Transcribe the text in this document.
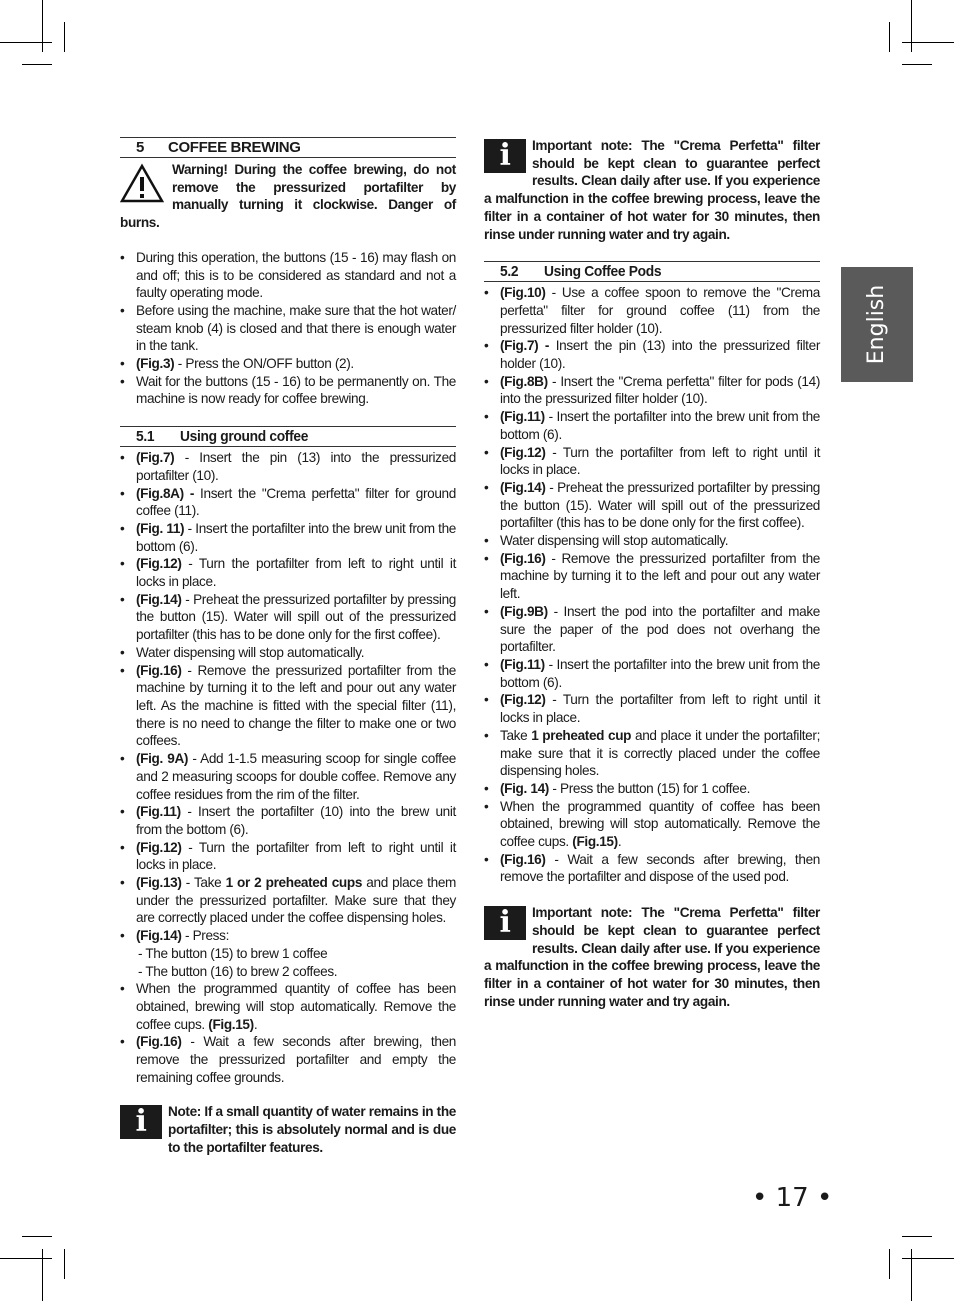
English
5 COFFEE BREWING
Warning! During the coffee brewing, do not remove the pressurized portafilter by manually turning it clockwise. Danger of burns.
• During this operation, the buttons (15 - 16) may flash on and off; this is to be considered as standard and not a faulty operating mode.
• Before using the machine, make sure that the hot water/ steam knob (4) is closed and that there is enough water in the tank.
• (Fig.3) - Press the ON/OFF button (2).
• Wait for the buttons (15 - 16) to be permanently on. The machine is now ready for coffee brewing.
5.1 Using ground coffee
• (Fig.7) - Insert the pin (13) into the pressurized portafilter (10).
• (Fig.8A) - Insert the "Crema perfetta" filter for ground coffee (11).
• (Fig. 11) - Insert the portafilter into the brew unit from the bottom (6).
• (Fig.12) - Turn the portafilter from left to right until it locks in place.
• (Fig.14) - Preheat the pressurized portafilter by pressing the button (15). Water will spill out of the pressurized portafilter (this has to be done only for the first coffee).
• Water dispensing will stop automatically.
• (Fig.16) - Remove the pressurized portafilter from the machine by turning it to the left and pour out any water left. As the machine is fitted with the special filter (11), there is no need to change the filter to make one or two coffees.
• (Fig. 9A) - Add 1-1.5 measuring scoop for single coffee and 2 measuring scoops for double coffee. Remove any coffee residues from the rim of the filter.
• (Fig.11) - Insert the portafilter (10) into the brew unit from the bottom (6).
• (Fig.12) - Turn the portafilter from left to right until it locks in place.
• (Fig.13) - Take 1 or 2 preheated cups and place them under the pressurized portafilter. Make sure that they are correctly placed under the coffee dispensing holes.
• (Fig.14) - Press:
- The button (15) to brew 1 coffee
- The button (16) to brew 2 coffees.
• When the programmed quantity of coffee has been obtained, brewing will stop automatically. Remove the coffee cups. (Fig.15).
• (Fig.16) - Wait a few seconds after brewing, then remove the pressurized portafilter and empty the remaining coffee grounds.
i	Note: If a small quantity of water remains in the portafilter; this is absolutely normal and is due to the portafilter features.
i	Important note: The "Crema Perfetta" filter should be kept clean to guarantee perfect results. Clean daily after use. If you experience a malfunction in the coffee brewing process, leave the filter in a container of hot water for 30 minutes, then rinse under running water and try again.
5.2 Using Coffee Pods
• (Fig.10) - Use a coffee spoon to remove the "Crema perfetta" filter for ground coffee (11) from the pressurized filter holder (10).
• (Fig.7) - Insert the pin (13) into the pressurized filter holder (10).
• (Fig.8B) - Insert the "Crema perfetta" filter for pods (14) into the pressurized filter holder (10).
• (Fig.11) - Insert the portafilter into the brew unit from the bottom (6).
• (Fig.12) - Turn the portafilter from left to right until it locks in place.
• (Fig.14) - Preheat the pressurized portafilter by pressing the button (15). Water will spill out of the pressurized portafilter (this has to be done only for the first coffee).
• Water dispensing will stop automatically.
• (Fig.16) - Remove the pressurized portafilter from the machine by turning it to the left and pour out any water left.
• (Fig.9B) - Insert the pod into the portafilter and make sure the paper of the pod does not overhang the portafilter.
• (Fig.11) - Insert the portafilter into the brew unit from the bottom (6).
• (Fig.12) - Turn the portafilter from left to right until it locks in place.
• Take 1 preheated cup and place it under the portafilter; make sure that it is correctly placed under the coffee dispensing holes.
• (Fig. 14) - Press the button (15) for 1 coffee.
• When the programmed quantity of coffee has been obtained, brewing will stop automatically. Remove the coffee cups. (Fig.15).
• (Fig.16) - Wait a few seconds after brewing, then remove the portafilter and dispose of the used pod.
i	Important note: The "Crema Perfetta" filter should be kept clean to guarantee perfect results. Clean daily after use. If you experience a malfunction in the coffee brewing process, leave the filter in a container of hot water for 30 minutes, then rinse under running water and try again.
• 17 •
